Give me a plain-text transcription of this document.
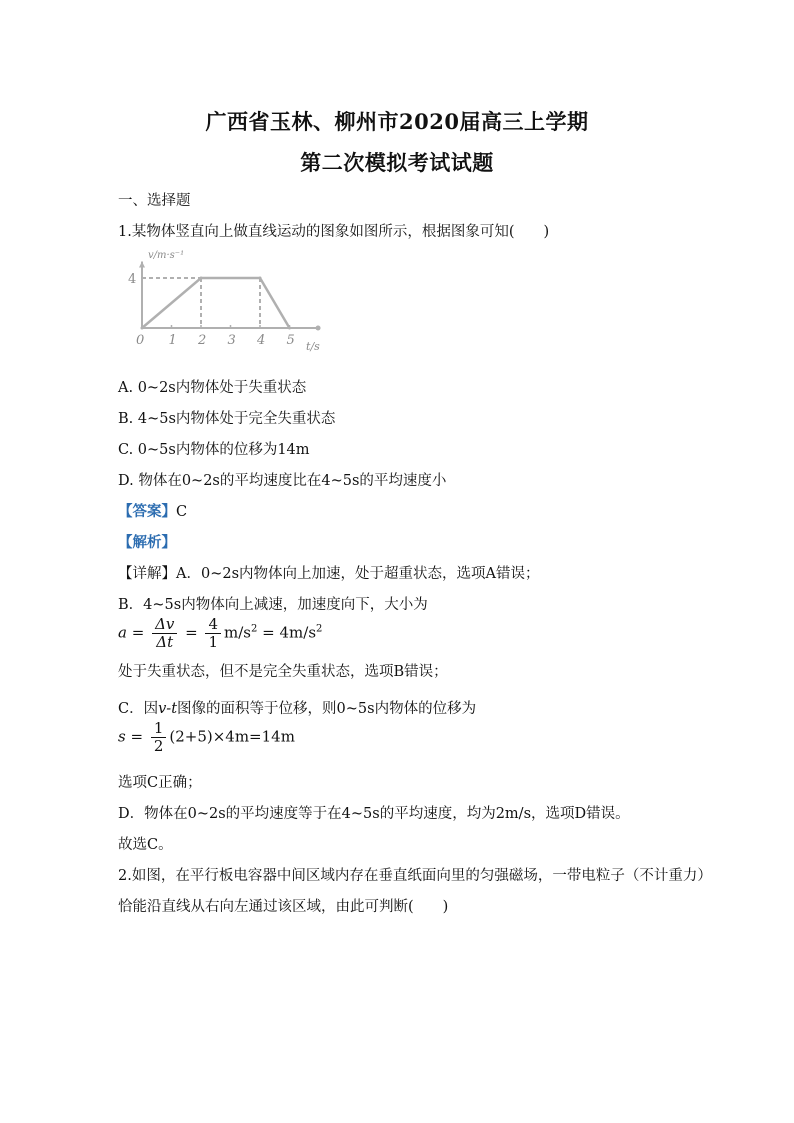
广西省玉林、柳州市2020届高三上学期
第二次模拟考试试题
一、选择题
1.某物体竖直向上做直线运动的图象如图所示，根据图象可知(　　)
0 1 2 3 4 5
4
v/m·s⁻¹
t/s
A. 0~2s内物体处于失重状态
B. 4~5s内物体处于完全失重状态
C. 0~5s内物体的位移为14m
D. 物体在0~2s的平均速度比在4~5s的平均速度小
【答案】C
【解析】
【详解】A．0~2s内物体向上加速，处于超重状态，选项A错误；
B．4~5s内物体向上减速，加速度向下，大小为
$a = \frac{\Delta v}{\Delta t} = \frac{4}{1} m/s^2 = 4m/s^2$
处于失重状态，但不是完全失重状态，选项B错误；
C．因v-t图像的面积等于位移，则0~5s内物体的位移为
$s = \frac{1}{2} (2+5)\times 4m=14m$
选项C正确；
D．物体在0~2s的平均速度等于在4~5s的平均速度，均为2m/s，选项D错误。
故选C。
2.如图，在平行板电容器中间区域内存在垂直纸面向里的匀强磁场，一带电粒子（不计重力）
恰能沿直线从右向左通过该区域，由此可判断(　　)
